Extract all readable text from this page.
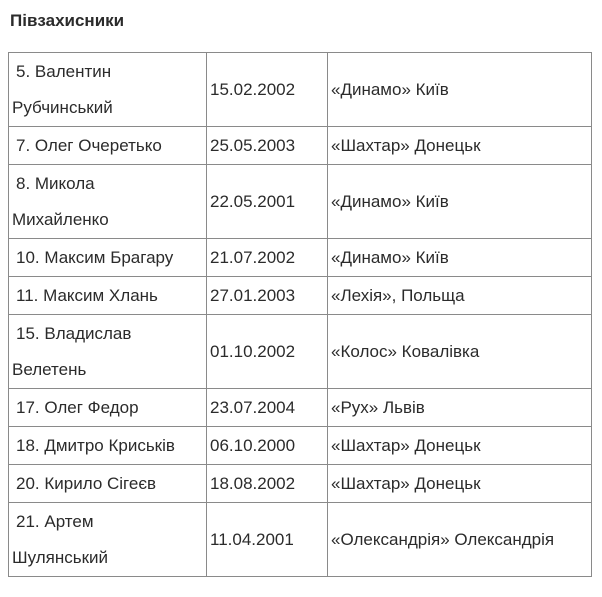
Півзахисники
5. Валентин
Рубчинський	15.02.2002	«Динамо» Київ

7. Олег Очеретько	25.05.2003	«Шахтар» Донецьк

8. Микола
Михайленко	22.05.2001	«Динамо» Київ

10. Максим Брагару	21.07.2002	«Динамо» Київ

11. Максим Хлань	27.01.2003	«Лехія», Польща

15. Владислав
Велетень	01.10.2002	«Колос» Ковалівка

17. Олег Федор	23.07.2004	«Рух» Львів

18. Дмитро Криськів	06.10.2000	«Шахтар» Донецьк

20. Кирило Сігеєв	18.08.2002	«Шахтар» Донецьк

21. Артем
Шулянський	11.04.2001	«Олександрія» Олександрія
